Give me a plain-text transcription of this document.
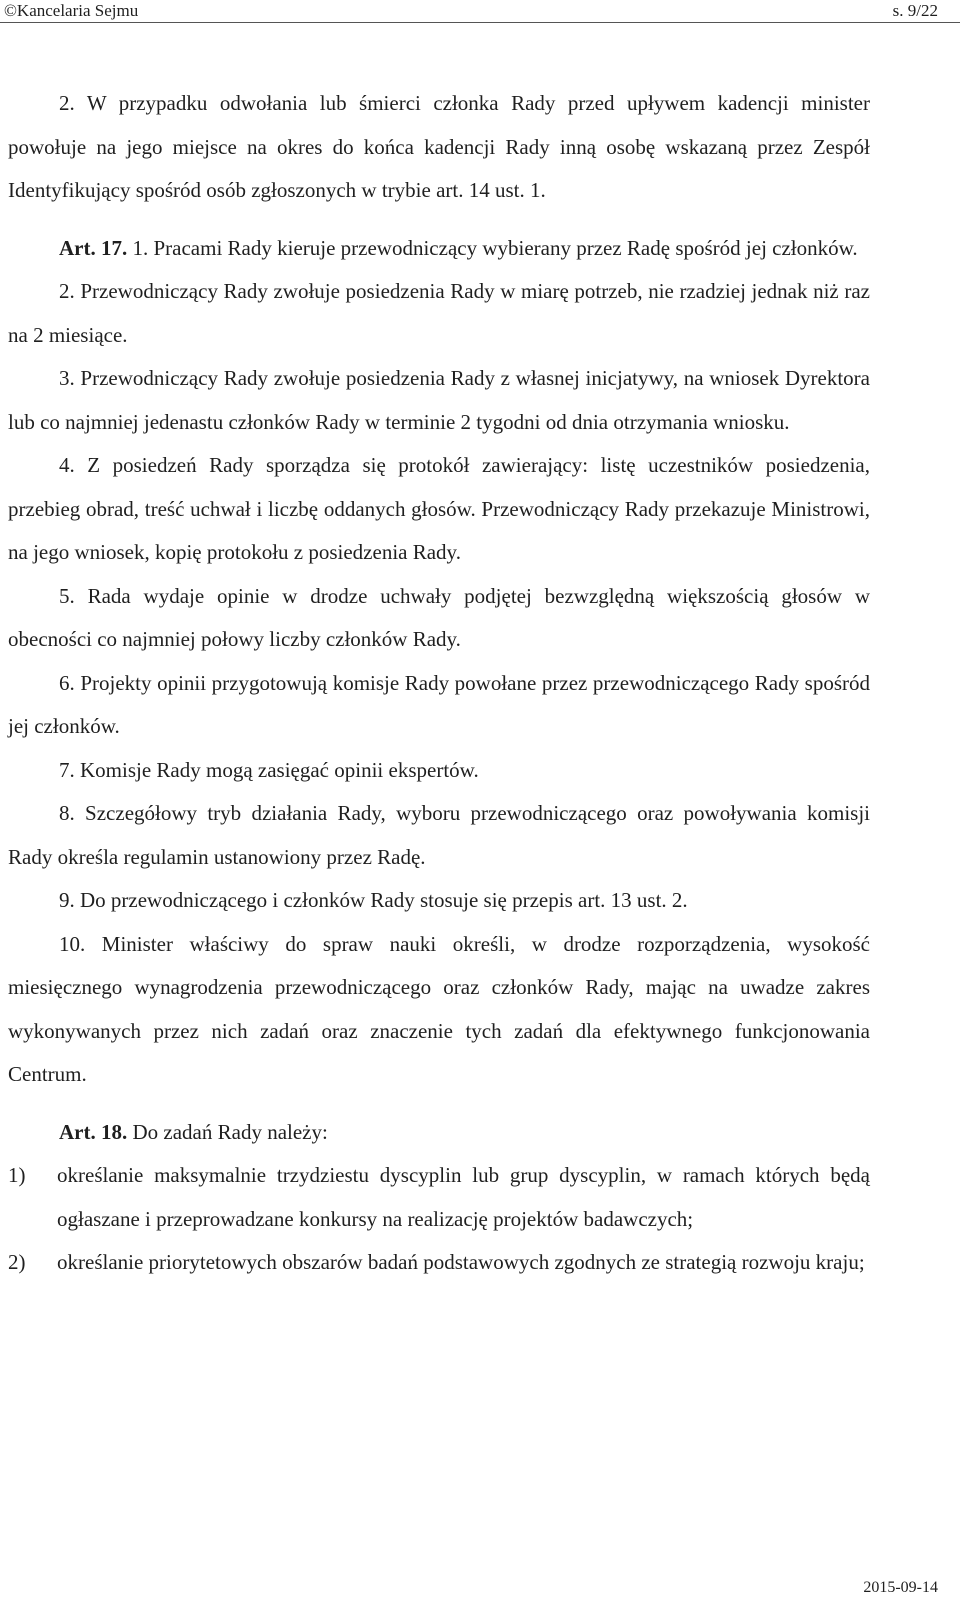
©Kancelaria Sejmu	s. 9/22

2. W przypadku odwołania lub śmierci członka Rady przed upływem kadencji minister powołuje na jego miejsce na okres do końca kadencji Rady inną osobę wskazaną przez Zespół Identyfikujący spośród osób zgłoszonych w trybie art. 14 ust. 1.

Art. 17. 1. Pracami Rady kieruje przewodniczący wybierany przez Radę spośród jej członków.

2. Przewodniczący Rady zwołuje posiedzenia Rady w miarę potrzeb, nie rzadziej jednak niż raz na 2 miesiące.

3. Przewodniczący Rady zwołuje posiedzenia Rady z własnej inicjatywy, na wniosek Dyrektora lub co najmniej jedenastu członków Rady w terminie 2 tygodni od dnia otrzymania wniosku.

4. Z posiedzeń Rady sporządza się protokół zawierający: listę uczestników posiedzenia, przebieg obrad, treść uchwał i liczbę oddanych głosów. Przewodniczący Rady przekazuje Ministrowi, na jego wniosek, kopię protokołu z posiedzenia Rady.

5. Rada wydaje opinie w drodze uchwały podjętej bezwzględną większością głosów w obecności co najmniej połowy liczby członków Rady.

6. Projekty opinii przygotowują komisje Rady powołane przez przewodniczącego Rady spośród jej członków.

7. Komisje Rady mogą zasięgać opinii ekspertów.

8. Szczegółowy tryb działania Rady, wyboru przewodniczącego oraz powoływania komisji Rady określa regulamin ustanowiony przez Radę.

9. Do przewodniczącego i członków Rady stosuje się przepis art. 13 ust. 2.

10. Minister właściwy do spraw nauki określi, w drodze rozporządzenia, wysokość miesięcznego wynagrodzenia przewodniczącego oraz członków Rady, mając na uwadze zakres wykonywanych przez nich zadań oraz znaczenie tych zadań dla efektywnego funkcjonowania Centrum.

Art. 18. Do zadań Rady należy:

1) określanie maksymalnie trzydziestu dyscyplin lub grup dyscyplin, w ramach których będą ogłaszane i przeprowadzane konkursy na realizację projektów badawczych;
2) określanie priorytetowych obszarów badań podstawowych zgodnych ze strategią rozwoju kraju;
2015-09-14
